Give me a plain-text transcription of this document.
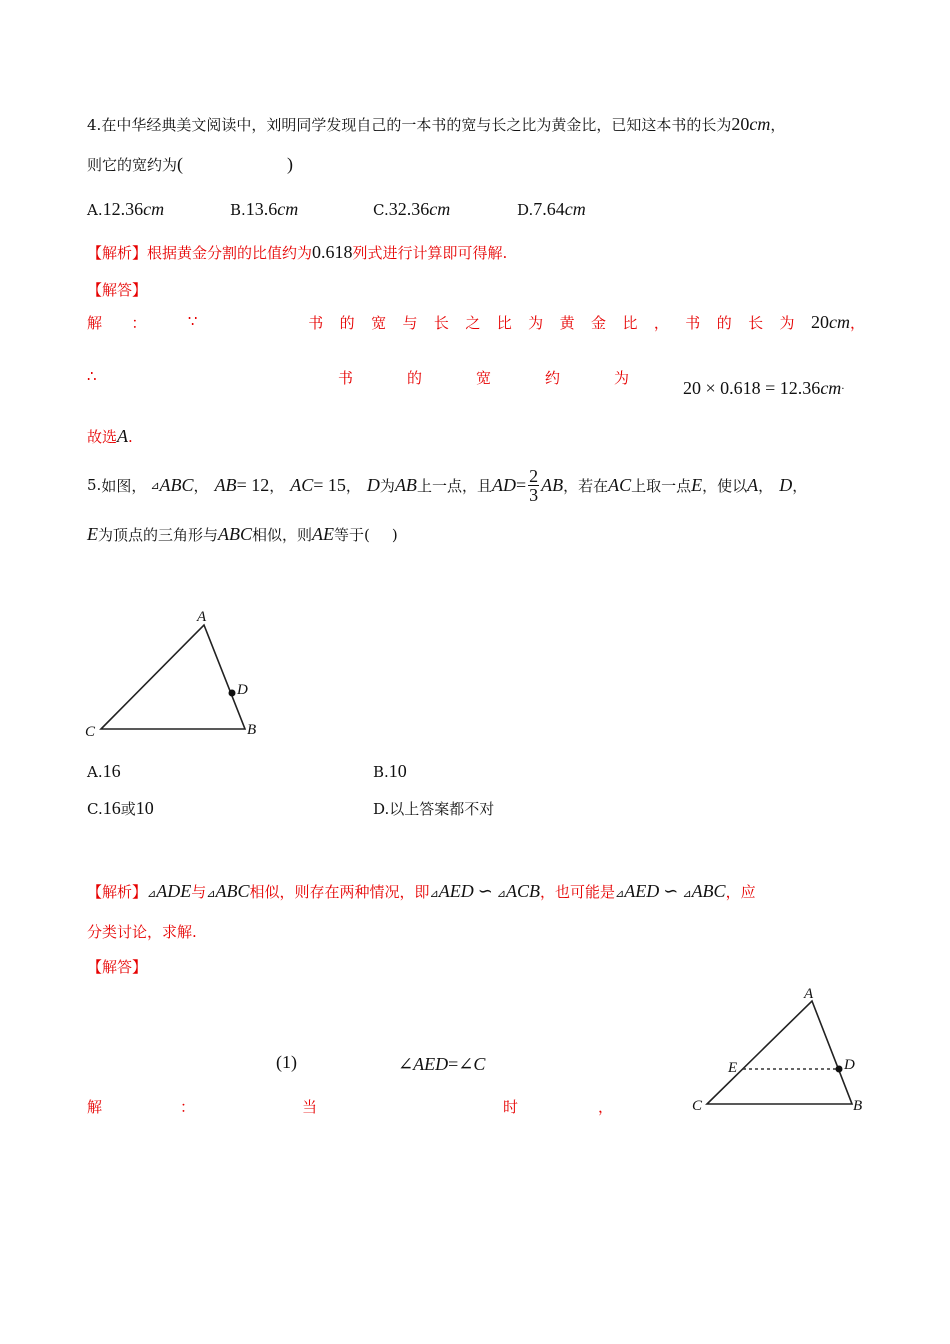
4.在中华经典美文阅读中，刘明同学发现自己的一本书的宽与长之比为黄金比，已知这本书的长为20cm，
则它的宽约为(	)
A.12.36cm	B.13.6cm	C.32.36cm	D.7.64cm
【解析】根据黄金分割的比值约为0.618列式进行计算即可得解.
【解答】
解	：	∵	书 的 宽 与 长 之 比 为 黄 金 比 ， 书 的 长 为 20cm，
∴	书	的	宽	约	为	20 × 0.618 = 12.36cm.
故选A.
5. 如图， ⊿ ABC ， AB = 12 ， AC = 15 ， D 为 AB 上一点，且 AD = $\frac{2}{3}$ AB ，若在 AC 上取一点 E ，使以 A ， D ，
E为顶点的三角形与ABC相似，则AE等于( )
A
B
C
D
A.16	B.10
C.16或10	D.以上答案都不对
【解析】⊿ADE与⊿ABC相似，则存在两种情况，即⊿AED ∽ ⊿ACB，也可能是⊿AED ∽ ⊿ABC，应
分类讨论，求解.
【解答】
(1)	∠AED=∠C
解	：	当	时	，
A
B
C
D
E
